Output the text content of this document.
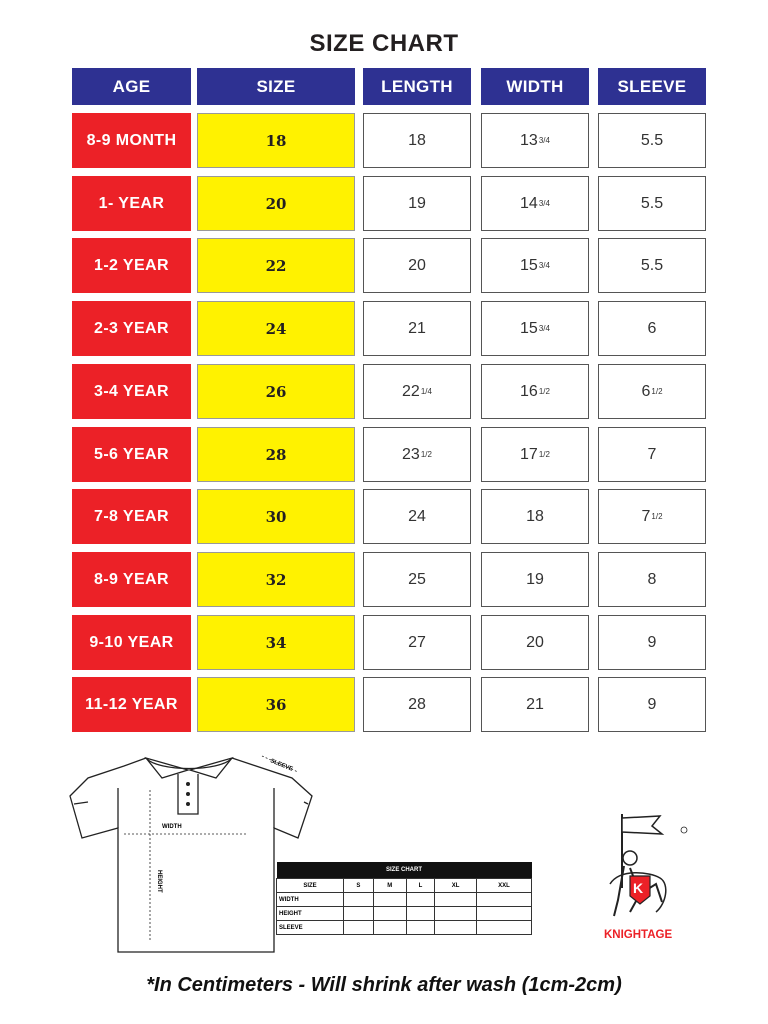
SIZE CHART
AGE	SIZE	LENGTH	WIDTH	SLEEVE
8-9 MONTH	18	18	13 3/4	5.5
1- YEAR	20	19	14 3/4	5.5
1-2 YEAR	22	20	15 3/4	5.5
2-3 YEAR	24	21	15 3/4	6
3-4 YEAR	26	22 1/4	16 1/2	6 1/2
5-6 YEAR	28	23 1/2	17 1/2	7
7-8 YEAR	30	24	18	7 1/2
8-9 YEAR	32	25	19	8
9-10 YEAR	34	27	20	9
11-12 YEAR	36	28	21	9
WIDTH
HEIGHT
SLEEVE
SIZE CHART					
SIZE	S	M	L	XL	XXL
WIDTH					
HEIGHT					
SLEEVE					
K
KNIGHTAGE
*In Centimeters - Will shrink after wash (1cm-2cm)
